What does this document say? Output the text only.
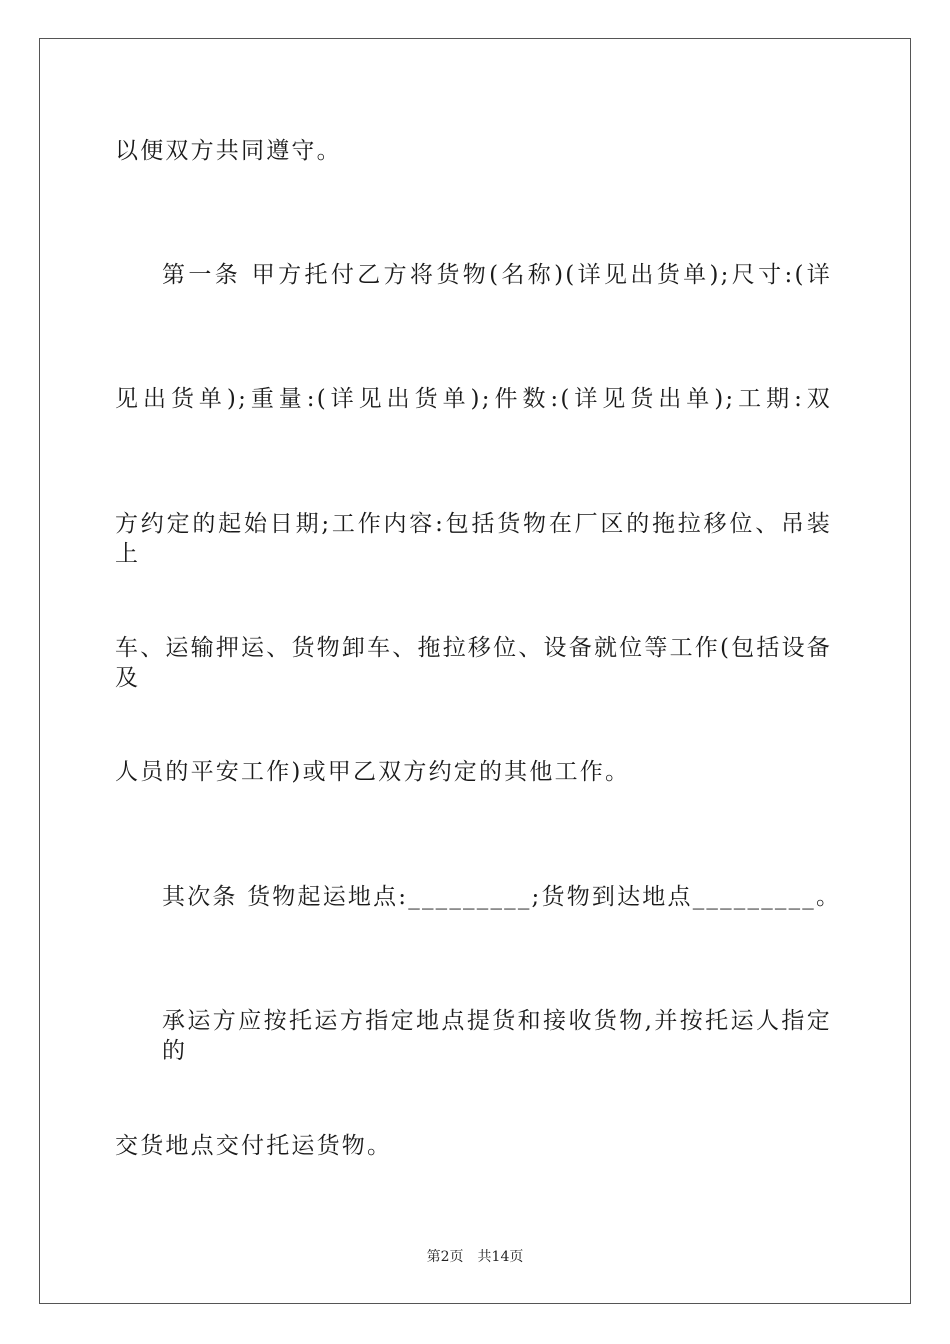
以便双方共同遵守。
第一条 甲方托付乙方将货物(名称)(详见出货单);尺寸:(详
见出货单);重量:(详见出货单);件数:(详见货出单);工期:双
方约定的起始日期;工作内容:包括货物在厂区的拖拉移位、吊装上
车、运输押运、货物卸车、拖拉移位、设备就位等工作(包括设备及
人员的平安工作)或甲乙双方约定的其他工作。
其次条 货物起运地点:_________;货物到达地点_________。
承运方应按托运方指定地点提货和接收货物,并按托运人指定的
交货地点交付托运货物。
第2页 共14页
